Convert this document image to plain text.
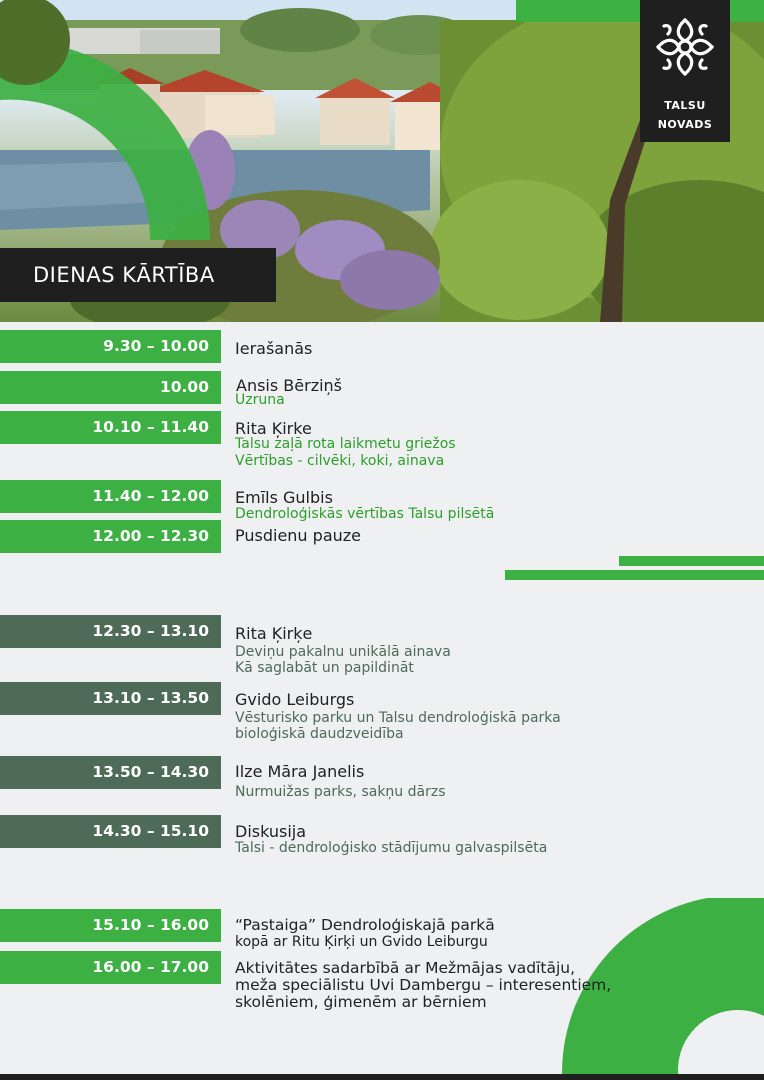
TALSU
NOVADS
DIENAS KĀRTĪBA
9.30 – 10.00	Ierašanās
10.00	Ansis Bērziņš
Uzruna
10.10 – 11.40	Rita Ķirke
Talsu zaļā rota laikmetu griežos
Vērtības - cilvēki, koki, ainava
11.40 – 12.00	Emīls Gulbis
Dendroloģiskās vērtības Talsu pilsētā
12.00 – 12.30	Pusdienu pauze
12.30 – 13.10	Rita Ķirķe
Deviņu pakalnu unikālā ainava
Kā saglabāt un papildināt
13.10 – 13.50	Gvido Leiburgs
Vēsturisko parku un Talsu dendroloģiskā parka
bioloģiskā daudzveidība
13.50 – 14.30	Ilze Māra Janelis
Nurmuižas parks, sakņu dārzs
14.30 – 15.10	Diskusija
Talsi - dendroloģisko stādījumu galvaspilsēta
15.10 – 16.00	“Pastaiga” Dendroloģiskajā parkā
kopā ar Ritu Ķirķi un Gvido Leiburgu
16.00 – 17.00	Aktivitātes sadarbībā ar Mežmājas vadītāju,
meža speciālistu Uvi Dambergu – interesentiem,
skolēniem, ģimenēm ar bērniem
